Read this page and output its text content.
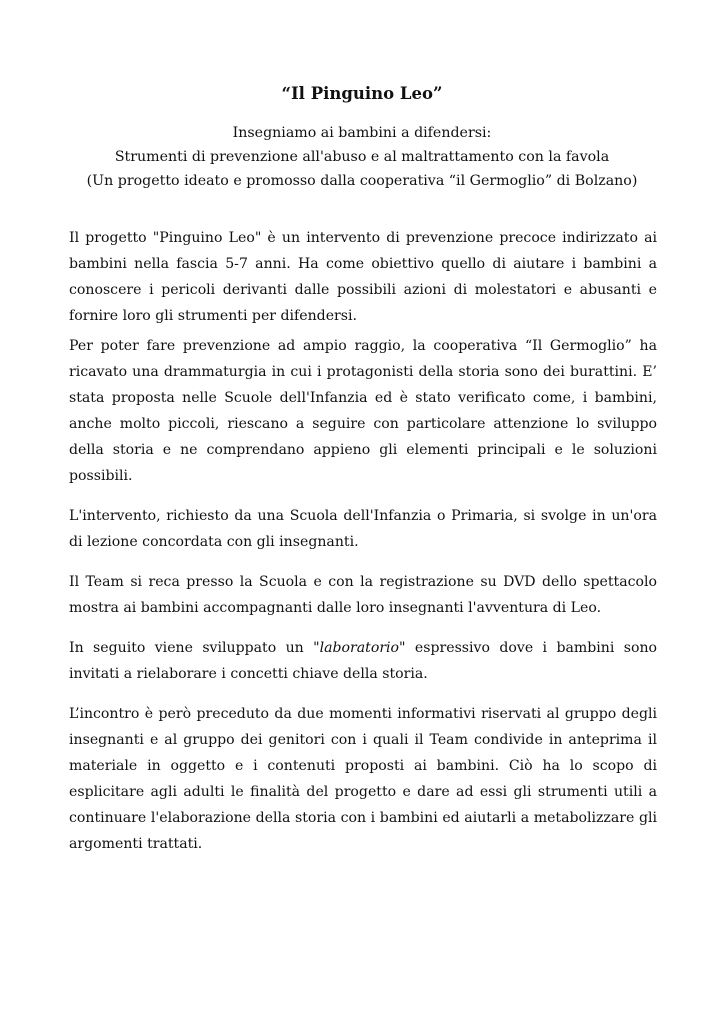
“Il Pinguino Leo”
Insegniamo ai bambini a difendersi:
Strumenti di prevenzione all'abuso e al maltrattamento con la favola
(Un progetto ideato e promosso dalla cooperativa “il Germoglio” di Bolzano)

Il progetto "Pinguino Leo" è un intervento di prevenzione precoce indirizzato ai bambini nella fascia 5-7 anni. Ha come obiettivo quello di aiutare i bambini a conoscere i pericoli derivanti dalle possibili azioni di molestatori e abusanti e fornire loro gli strumenti per difendersi.

Per poter fare prevenzione ad ampio raggio, la cooperativa “Il Germoglio” ha ricavato una drammaturgia in cui i protagonisti della storia sono dei burattini. E’ stata proposta nelle Scuole dell'Infanzia ed è stato verificato come, i bambini, anche molto piccoli, riescano a seguire con particolare attenzione lo sviluppo della storia e ne comprendano appieno gli elementi principali e le soluzioni possibili.

L'intervento, richiesto da una Scuola dell'Infanzia o Primaria, si svolge in un'ora di lezione concordata con gli insegnanti.

Il Team si reca presso la Scuola e con la registrazione su DVD dello spettacolo mostra ai bambini accompagnanti dalle loro insegnanti l'avventura di Leo.

In seguito viene sviluppato un "laboratorio" espressivo dove i bambini sono invitati a rielaborare i concetti chiave della storia.

L’incontro è però preceduto da due momenti informativi riservati al gruppo degli insegnanti e al gruppo dei genitori con i quali il Team condivide in anteprima il materiale in oggetto e i contenuti proposti ai bambini. Ciò ha lo scopo di esplicitare agli adulti le finalità del progetto e dare ad essi gli strumenti utili a continuare l'elaborazione della storia con i bambini ed aiutarli a metabolizzare gli argomenti trattati.
